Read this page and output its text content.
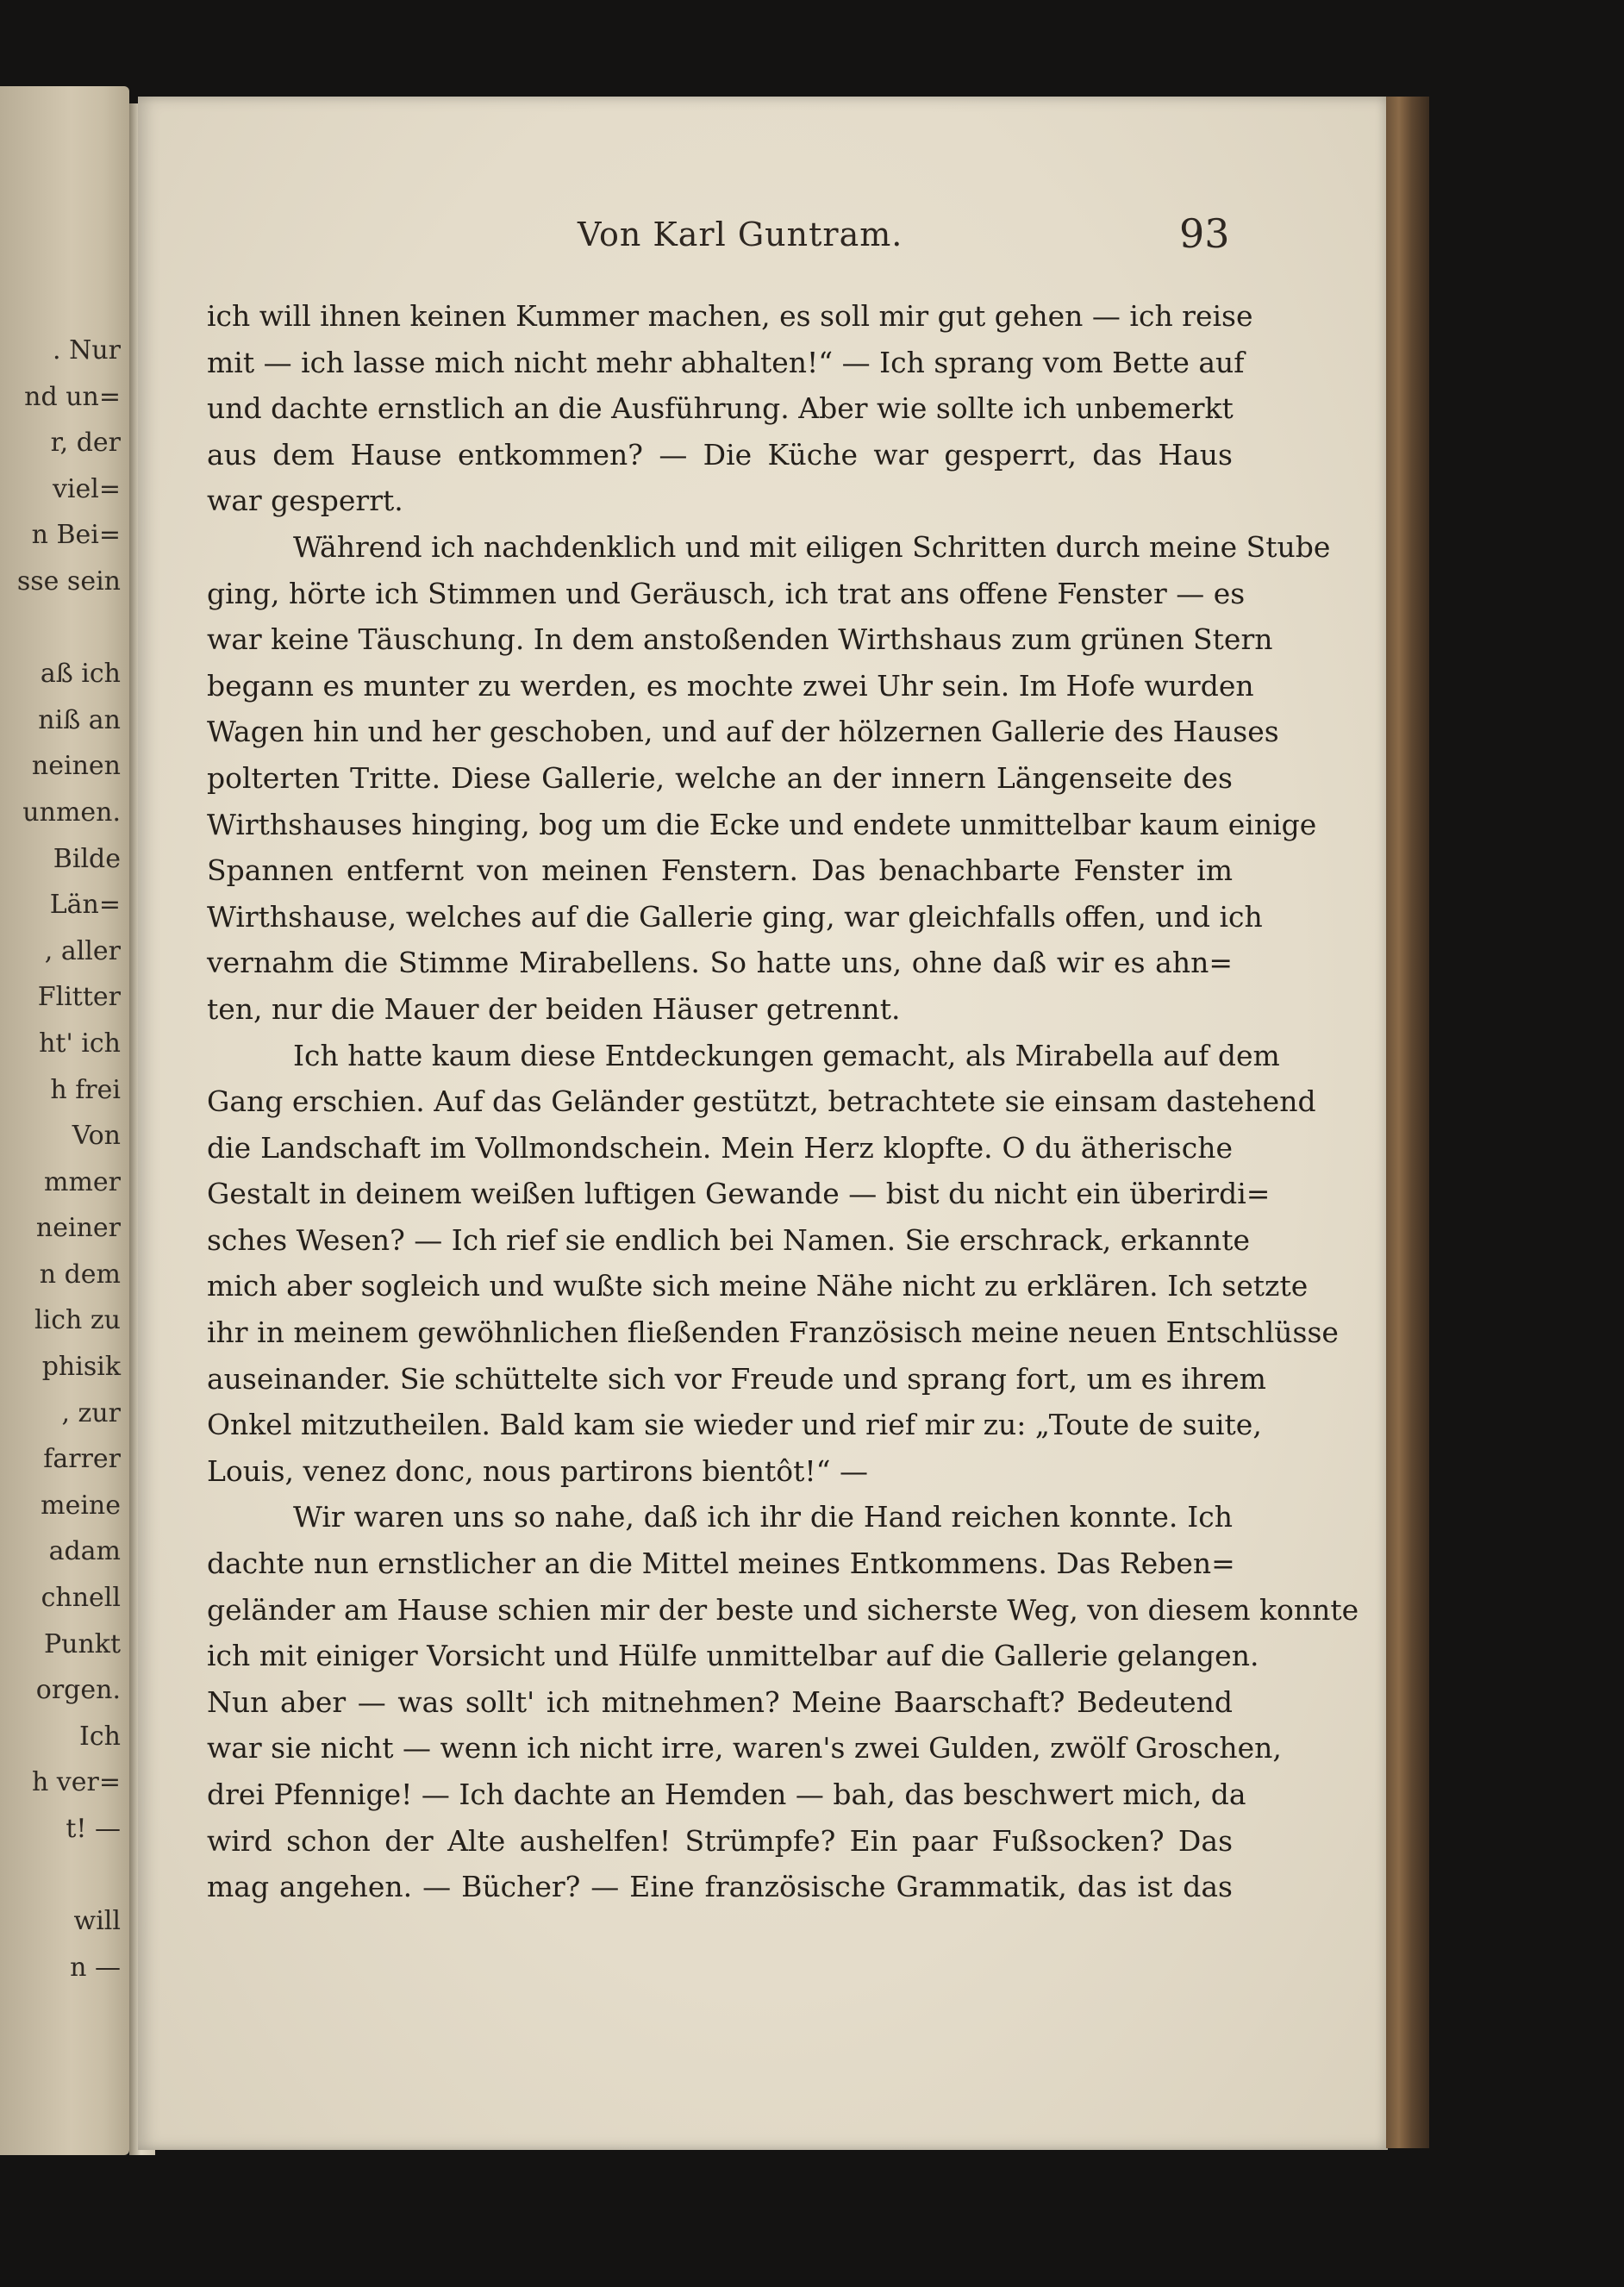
. Nur
nd un=
r, der
viel=
n Bei=
sse sein
aß ich
niß an
neinen
unmen.
Bilde
Län=
, aller
Flitter
ht' ich
h frei
Von
mmer
neiner
n dem
lich zu
phisik
, zur
farrer
meine
adam
chnell
Punkt
orgen.
Ich
h ver=
t! —
will
n —
Von Karl Guntram.	93
ich will ihnen keinen Kummer machen, es soll mir gut gehen — ich reise
mit — ich lasse mich nicht mehr abhalten!“ — Ich sprang vom Bette auf
und dachte ernstlich an die Ausführung. Aber wie sollte ich unbemerkt
aus dem Hause entkommen? — Die Küche war gesperrt, das Haus
war gesperrt.
Während ich nachdenklich und mit eiligen Schritten durch meine Stube
ging, hörte ich Stimmen und Geräusch, ich trat ans offene Fenster — es
war keine Täuschung. In dem anstoßenden Wirthshaus zum grünen Stern
begann es munter zu werden, es mochte zwei Uhr sein. Im Hofe wurden
Wagen hin und her geschoben, und auf der hölzernen Gallerie des Hauses
polterten Tritte. Diese Gallerie, welche an der innern Längenseite des
Wirthshauses hinging, bog um die Ecke und endete unmittelbar kaum einige
Spannen entfernt von meinen Fenstern. Das benachbarte Fenster im
Wirthshause, welches auf die Gallerie ging, war gleichfalls offen, und ich
vernahm die Stimme Mirabellens. So hatte uns, ohne daß wir es ahn=
ten, nur die Mauer der beiden Häuser getrennt.
Ich hatte kaum diese Entdeckungen gemacht, als Mirabella auf dem
Gang erschien. Auf das Geländer gestützt, betrachtete sie einsam dastehend
die Landschaft im Vollmondschein. Mein Herz klopfte. O du ätherische
Gestalt in deinem weißen luftigen Gewande — bist du nicht ein überirdi=
sches Wesen? — Ich rief sie endlich bei Namen. Sie erschrack, erkannte
mich aber sogleich und wußte sich meine Nähe nicht zu erklären. Ich setzte
ihr in meinem gewöhnlichen fließenden Französisch meine neuen Entschlüsse
auseinander. Sie schüttelte sich vor Freude und sprang fort, um es ihrem
Onkel mitzutheilen. Bald kam sie wieder und rief mir zu: „Toute de suite,
Louis, venez donc, nous partirons bientôt!“ —
Wir waren uns so nahe, daß ich ihr die Hand reichen konnte. Ich
dachte nun ernstlicher an die Mittel meines Entkommens. Das Reben=
geländer am Hause schien mir der beste und sicherste Weg, von diesem konnte
ich mit einiger Vorsicht und Hülfe unmittelbar auf die Gallerie gelangen.
Nun aber — was sollt' ich mitnehmen? Meine Baarschaft? Bedeutend
war sie nicht — wenn ich nicht irre, waren's zwei Gulden, zwölf Groschen,
drei Pfennige! — Ich dachte an Hemden — bah, das beschwert mich, da
wird schon der Alte aushelfen! Strümpfe? Ein paar Fußsocken? Das
mag angehen. — Bücher? — Eine französische Grammatik, das ist das
